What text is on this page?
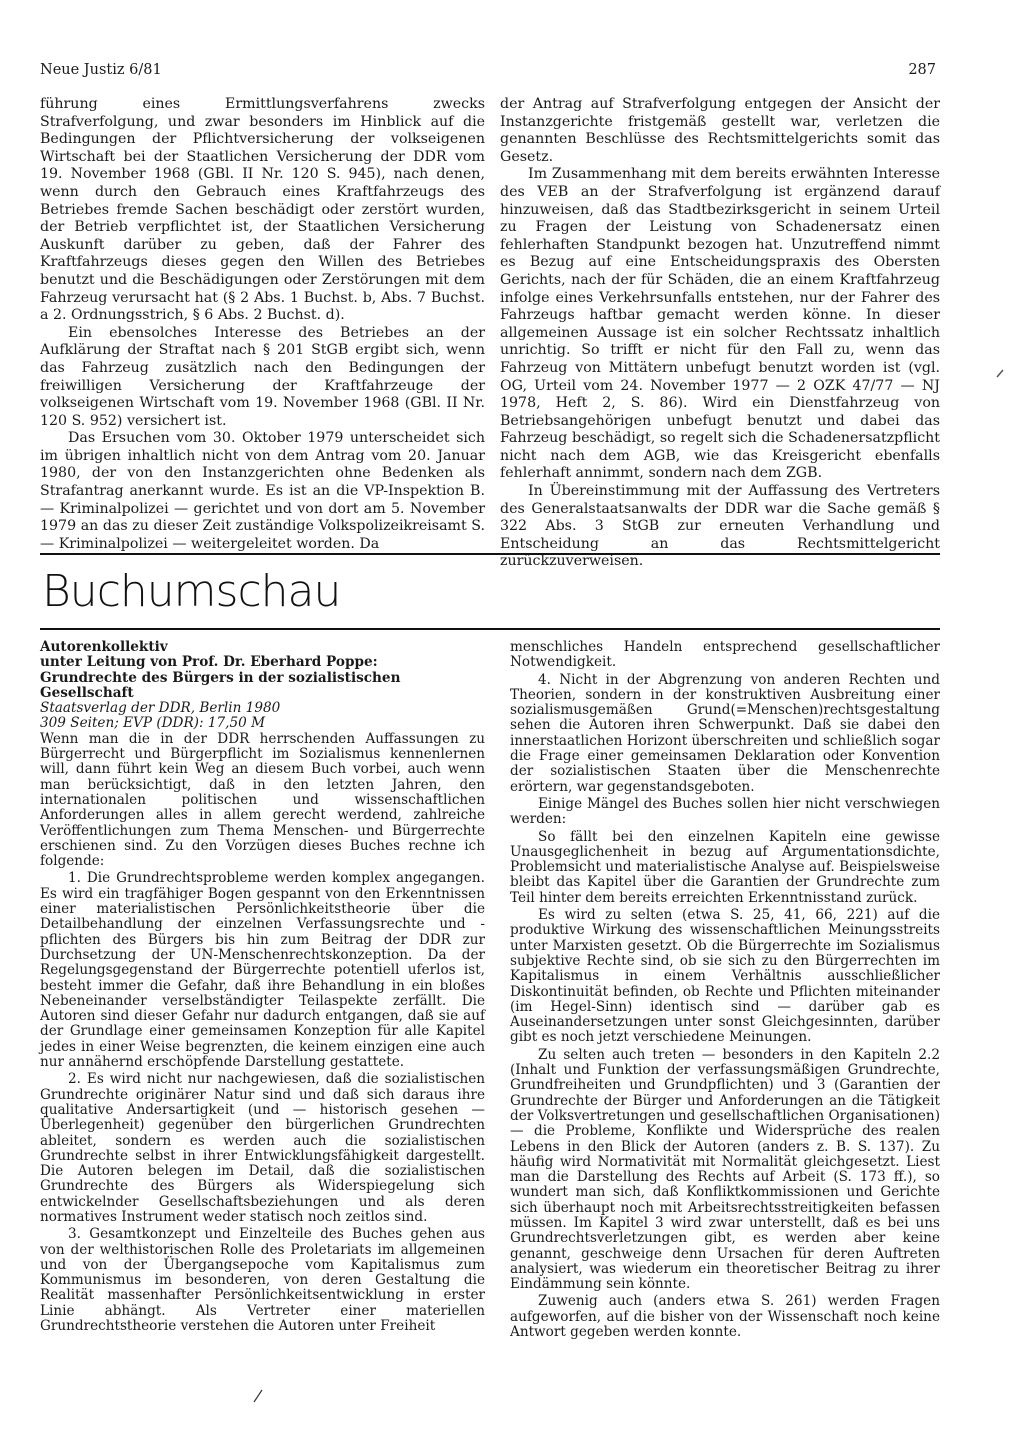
Neue Justiz 6/81	287

führung eines Ermittlungsverfahrens zwecks Strafverfolgung, und zwar besonders im Hinblick auf die Bedingungen der Pflichtversicherung der volkseigenen Wirtschaft bei der Staatlichen Versicherung der DDR vom 19. November 1968 (GBl. II Nr. 120 S. 945), nach denen, wenn durch den Gebrauch eines Kraftfahrzeugs des Betriebes fremde Sachen beschädigt oder zerstört wurden, der Betrieb verpflichtet ist, der Staatlichen Versicherung Auskunft darüber zu geben, daß der Fahrer des Kraftfahrzeugs dieses gegen den Willen des Betriebes benutzt und die Beschädigungen oder Zerstörungen mit dem Fahrzeug verursacht hat (§ 2 Abs. 1 Buchst. b, Abs. 7 Buchst. a 2. Ordnungsstrich, § 6 Abs. 2 Buchst. d).

Ein ebensolches Interesse des Betriebes an der Aufklärung der Straftat nach § 201 StGB ergibt sich, wenn das Fahrzeug zusätzlich nach den Bedingungen der freiwilligen Versicherung der Kraftfahrzeuge der volkseigenen Wirtschaft vom 19. November 1968 (GBl. II Nr. 120 S. 952) versichert ist.

Das Ersuchen vom 30. Oktober 1979 unterscheidet sich im übrigen inhaltlich nicht von dem Antrag vom 20. Januar 1980, der von den Instanzgerichten ohne Bedenken als Strafantrag anerkannt wurde. Es ist an die VP-Inspektion B. — Kriminalpolizei — gerichtet und von dort am 5. November 1979 an das zu dieser Zeit zuständige Volkspolizeikreisamt S. — Kriminalpolizei — weitergeleitet worden. Da

der Antrag auf Strafverfolgung entgegen der Ansicht der Instanzgerichte fristgemäß gestellt war, verletzen die genannten Beschlüsse des Rechtsmittelgerichts somit das Gesetz.

Im Zusammenhang mit dem bereits erwähnten Interesse des VEB an der Strafverfolgung ist ergänzend darauf hinzuweisen, daß das Stadtbezirksgericht in seinem Urteil zu Fragen der Leistung von Schadenersatz einen fehlerhaften Standpunkt bezogen hat. Unzutreffend nimmt es Bezug auf eine Entscheidungspraxis des Obersten Gerichts, nach der für Schäden, die an einem Kraftfahrzeug infolge eines Verkehrsunfalls entstehen, nur der Fahrer des Fahrzeugs haftbar gemacht werden könne. In dieser allgemeinen Aussage ist ein solcher Rechtssatz inhaltlich unrichtig. So trifft er nicht für den Fall zu, wenn das Fahrzeug von Mittätern unbefugt benutzt worden ist (vgl. OG, Urteil vom 24. November 1977 — 2 OZK 47/77 — NJ 1978, Heft 2, S. 86). Wird ein Dienstfahrzeug von Betriebsangehörigen unbefugt benutzt und dabei das Fahrzeug beschädigt, so regelt sich die Schadenersatzpflicht nicht nach dem AGB, wie das Kreisgericht ebenfalls fehlerhaft annimmt, sondern nach dem ZGB.

In Übereinstimmung mit der Auffassung des Vertreters des Generalstaatsanwalts der DDR war die Sache gemäß § 322 Abs. 3 StGB zur erneuten Verhandlung und Entscheidung an das Rechtsmittelgericht zurückzuverweisen.

Buchumschau
Autorenkollektiv
unter Leitung von Prof. Dr. Eberhard Poppe:
Grundrechte des Bürgers in der sozialistischen Gesellschaft
Staatsverlag der DDR, Berlin 1980
309 Seiten; EVP (DDR): 17,50 M

Wenn man die in der DDR herrschenden Auffassungen zu Bürgerrecht und Bürgerpflicht im Sozialismus kennenlernen will, dann führt kein Weg an diesem Buch vorbei, auch wenn man berücksichtigt, daß in den letzten Jahren, den internationalen politischen und wissenschaftlichen Anforderungen alles in allem gerecht werdend, zahlreiche Veröffentlichungen zum Thema Menschen- und Bürgerrechte erschienen sind. Zu den Vorzügen dieses Buches rechne ich folgende:

1. Die Grundrechtsprobleme werden komplex angegangen. Es wird ein tragfähiger Bogen gespannt von den Erkenntnissen einer materialistischen Persönlichkeitstheorie über die Detailbehandlung der einzelnen Verfassungsrechte und -pflichten des Bürgers bis hin zum Beitrag der DDR zur Durchsetzung der UN-Menschenrechtskonzeption. Da der Regelungsgegenstand der Bürgerrechte potentiell uferlos ist, besteht immer die Gefahr, daß ihre Behandlung in ein bloßes Nebeneinander verselbständigter Teilaspekte zerfällt. Die Autoren sind dieser Gefahr nur dadurch entgangen, daß sie auf der Grundlage einer gemeinsamen Konzeption für alle Kapitel jedes in einer Weise begrenzten, die keinem einzigen eine auch nur annähernd erschöpfende Darstellung gestattete.

2. Es wird nicht nur nachgewiesen, daß die sozialistischen Grundrechte originärer Natur sind und daß sich daraus ihre qualitative Andersartigkeit (und — historisch gesehen — Überlegenheit) gegenüber den bürgerlichen Grundrechten ableitet, sondern es werden auch die sozialistischen Grundrechte selbst in ihrer Entwicklungsfähigkeit dargestellt. Die Autoren belegen im Detail, daß die sozialistischen Grundrechte des Bürgers als Widerspiegelung sich entwickelnder Gesellschaftsbeziehungen und als deren normatives Instrument weder statisch noch zeitlos sind.

3. Gesamtkonzept und Einzelteile des Buches gehen aus von der welthistorischen Rolle des Proletariats im allgemeinen und von der Übergangsepoche vom Kapitalismus zum Kommunismus im besonderen, von deren Gestaltung die Realität massenhafter Persönlichkeitsentwicklung in erster Linie abhängt. Als Vertreter einer materiellen Grundrechtstheorie verstehen die Autoren unter Freiheit

menschliches Handeln entsprechend gesellschaftlicher Notwendigkeit.

4. Nicht in der Abgrenzung von anderen Rechten und Theorien, sondern in der konstruktiven Ausbreitung einer sozialismusgemäßen Grund(=Menschen)rechtsgestaltung sehen die Autoren ihren Schwerpunkt. Daß sie dabei den innerstaatlichen Horizont überschreiten und schließlich sogar die Frage einer gemeinsamen Deklaration oder Konvention der sozialistischen Staaten über die Menschenrechte erörtern, war gegenstandsgeboten.

Einige Mängel des Buches sollen hier nicht verschwiegen werden:

So fällt bei den einzelnen Kapiteln eine gewisse Unausgeglichenheit in bezug auf Argumentationsdichte, Problemsicht und materialistische Analyse auf. Beispielsweise bleibt das Kapitel über die Garantien der Grundrechte zum Teil hinter dem bereits erreichten Erkenntnisstand zurück.

Es wird zu selten (etwa S. 25, 41, 66, 221) auf die produktive Wirkung des wissenschaftlichen Meinungsstreits unter Marxisten gesetzt. Ob die Bürgerrechte im Sozialismus subjektive Rechte sind, ob sie sich zu den Bürgerrechten im Kapitalismus in einem Verhältnis ausschließlicher Diskontinuität befinden, ob Rechte und Pflichten miteinander (im Hegel-Sinn) identisch sind — darüber gab es Auseinandersetzungen unter sonst Gleichgesinnten, darüber gibt es noch jetzt verschiedene Meinungen.

Zu selten auch treten — besonders in den Kapiteln 2.2 (Inhalt und Funktion der verfassungsmäßigen Grundrechte, Grundfreiheiten und Grundpflichten) und 3 (Garantien der Grundrechte der Bürger und Anforderungen an die Tätigkeit der Volksvertretungen und gesellschaftlichen Organisationen) — die Probleme, Konflikte und Widersprüche des realen Lebens in den Blick der Autoren (anders z. B. S. 137). Zu häufig wird Normativität mit Normalität gleichgesetzt. Liest man die Darstellung des Rechts auf Arbeit (S. 173 ff.), so wundert man sich, daß Konfliktkommissionen und Gerichte sich überhaupt noch mit Arbeitsrechtsstreitigkeiten befassen müssen. Im Kapitel 3 wird zwar unterstellt, daß es bei uns Grundrechtsverletzungen gibt, es werden aber keine genannt, geschweige denn Ursachen für deren Auftreten analysiert, was wiederum ein theoretischer Beitrag zu ihrer Eindämmung sein könnte.

Zuwenig auch (anders etwa S. 261) werden Fragen aufgeworfen, auf die bisher von der Wissenschaft noch keine Antwort gegeben werden konnte.
